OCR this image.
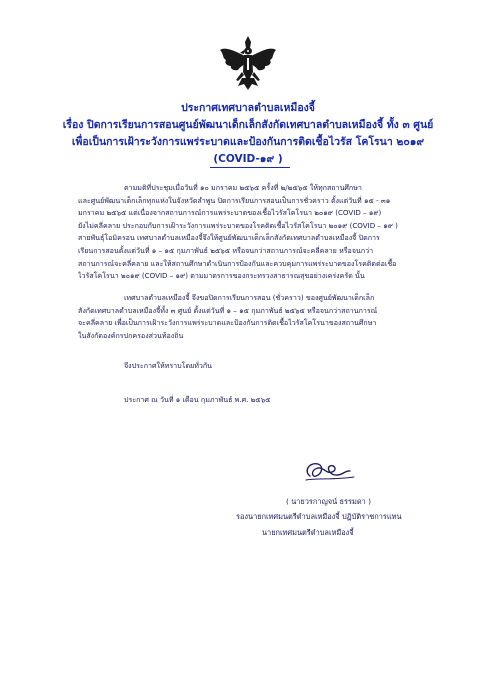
ประกาศเทศบาลตำบลเหมืองจี้
เรื่อง ปิดการเรียนการสอนศูนย์พัฒนาเด็กเล็กสังกัดเทศบาลตำบลเหมืองจี้ ทั้ง ๓ ศูนย์
เพื่อเป็นการเฝ้าระวังการแพร่ระบาดและป้องกันการติดเชื้อไวรัส โคโรนา ๒๐๑๙
(COVID-๑๙ )
ตามมติที่ประชุมเมื่อวันที่ ๑๐ มกราคม ๒๕๖๕ ครั้งที่ ๒/๒๕๖๕ ให้ทุกสถานศึกษา
และศูนย์พัฒนาเด็กเล็กทุกแห่งในจังหวัดลำพูน ปิดการเรียนการสอนเป็นการชั่วคราว ตั้งแต่วันที่ ๑๕ - ๓๑
มกราคม ๒๕๖๕ แต่เนื่องจากสถานการณ์การแพร่ระบาดของเชื้อไวรัสโคโรนา ๒๐๑๙ (COVID – ๑๙)
ยังไม่คลี่คลาย ประกอบกับการเฝ้าระวังการแพร่ระบาดของโรคติดเชื้อไวรัสโคโรนา ๒๐๑๙ (COVID – ๑๙ )
สายพันธุ์โอมิครอน เทศบาลตำบลเหมืองจี้จึงให้ศูนย์พัฒนาเด็กเล็กสังกัดเทศบาลตำบลเหมืองจี้ ปิดการ
เรียนการสอนตั้งแต่วันที่ ๑ – ๑๕ กุมภาพันธ์ ๒๕๖๕ หรือจนกว่าสถานการณ์จะคลี่คลาย หรือจนกว่า
สถานการณ์จะคลี่คลาย และให้สถานศึกษาดำเนินการป้องกันและควบคุมการแพร่ระบาดของโรคติดต่อเชื้อ
ไวรัสโคโรนา ๒๐๑๙ (COVID – ๑๙) ตามมาตรการของกระทรวงสาธารณสุขอย่างเคร่งครัด นั้น
เทศบาลตำบลเหมืองจี้ จึงขอปิดการเรียนการสอน (ชั่วคราว) ของศูนย์พัฒนาเด็กเล็ก
สังกัดเทศบาลตำบลเหมืองจี้ทั้ง ๓ ศูนย์ ตั้งแต่วันที่ ๑ – ๑๕ กุมภาพันธ์ ๒๕๖๕ หรือจนกว่าสถานการณ์
จะคลี่คลาย เพื่อเป็นการเฝ้าระวังการแพร่ระบาดและป้องกันการติดเชื้อไวรัสโคโรนาของสถานศึกษา
ในสังกัดองค์กรปกครองส่วนท้องถิ่น
จึงประกาศให้ทราบโดยทั่วกัน
ประกาศ ณ วันที่ ๑ เดือน กุมภาพันธ์ พ.ศ. ๒๕๖๕
( นายวรกาญจน์ ธรรมดา )
รองนายกเทศมนตรีตำบลเหมืองจี้ ปฏิบัติราชการแทน
นายกเทศมนตรีตำบลเหมืองจี้
